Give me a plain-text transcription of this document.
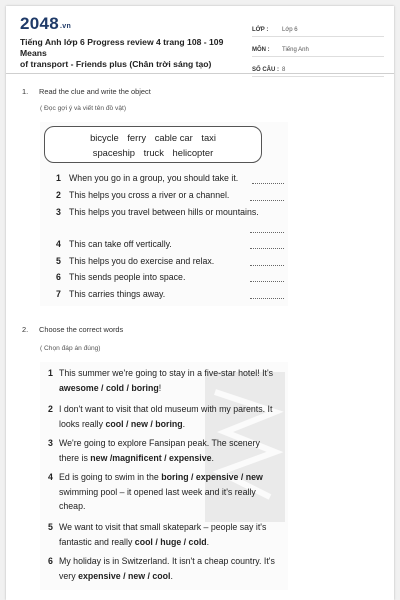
2048.vn
Tiếng Anh lớp 6 Progress review 4 trang 108 - 109 Means
of transport - Friends plus (Chân trời sáng tạo)
LỚP :	Lớp 6
MÔN :	Tiếng Anh
SỐ CÂU : 8
1. Read the clue and write the object
( Đọc gợi ý và viết tên đồ vật)
bicycle ferry cable car taxi
spaceship truck helicopter
1 When you go in a group, you should take it.
2 This helps you cross a river or a channel.
3 This helps you travel between hills or mountains.
4 This can take off vertically.
5 This helps you do exercise and relax.
6 This sends people into space.
7 This carries things away.
2. Choose the correct words
( Chọn đáp án đúng)
1 This summer we're going to stay in a five-star hotel! It's awesome / cold / boring!
2 I don't want to visit that old museum with my parents. It looks really cool / new / boring.
3 We're going to explore Fansipan peak. The scenery there is new /magnificent / expensive.
4 Ed is going to swim in the boring / expensive / new swimming pool – it opened last week and it's really cheap.
5 We want to visit that small skatepark – people say it's fantastic and really cool / huge / cold.
6 My holiday is in Switzerland. It isn't a cheap country. It's very expensive / new / cool.
